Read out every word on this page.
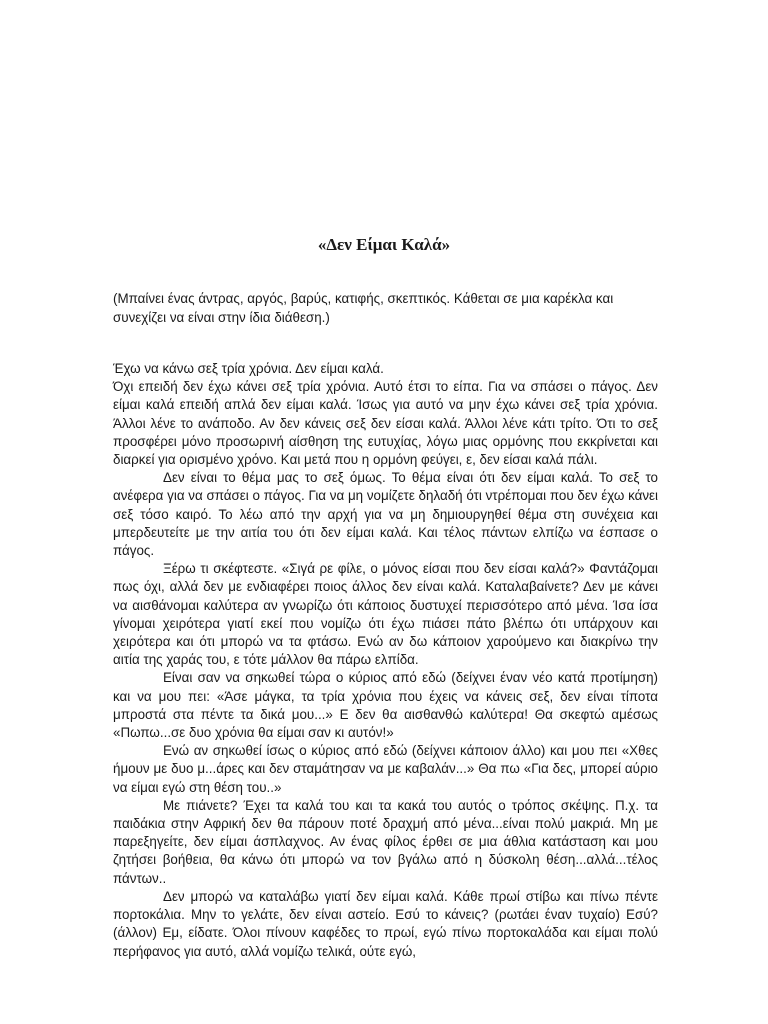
«Δεν Είμαι Καλά»
(Μπαίνει ένας άντρας, αργός, βαρύς, κατιφής, σκεπτικός. Κάθεται σε μια καρέκλα και συνεχίζει να είναι στην ίδια διάθεση.)

Έχω να κάνω σεξ τρία χρόνια. Δεν είμαι καλά.

Όχι επειδή δεν έχω κάνει σεξ τρία χρόνια. Αυτό έτσι το είπα. Για να σπάσει ο πάγος. Δεν είμαι καλά επειδή απλά δεν είμαι καλά. Ίσως για αυτό να μην έχω κάνει σεξ τρία χρόνια. Άλλοι λένε το ανάποδο. Αν δεν κάνεις σεξ δεν είσαι καλά. Άλλοι λένε κάτι τρίτο. Ότι το σεξ προσφέρει μόνο προσωρινή αίσθηση της ευτυχίας, λόγω μιας ορμόνης που εκκρίνεται και διαρκεί για ορισμένο χρόνο. Και μετά που η ορμόνη φεύγει, ε, δεν είσαι καλά πάλι.

Δεν είναι το θέμα μας το σεξ όμως. Το θέμα είναι ότι δεν είμαι καλά. Το σεξ το ανέφερα για να σπάσει ο πάγος. Για να μη νομίζετε δηλαδή ότι ντρέπομαι που δεν έχω κάνει σεξ τόσο καιρό. Το λέω από την αρχή για να μη δημιουργηθεί θέμα στη συνέχεια και μπερδευτείτε με την αιτία του ότι δεν είμαι καλά. Και τέλος πάντων ελπίζω να έσπασε ο πάγος.

Ξέρω τι σκέφτεστε. «Σιγά ρε φίλε, ο μόνος είσαι που δεν είσαι καλά?» Φαντάζομαι πως όχι, αλλά δεν με ενδιαφέρει ποιος άλλος δεν είναι καλά. Καταλαβαίνετε? Δεν με κάνει να αισθάνομαι καλύτερα αν γνωρίζω ότι κάποιος δυστυχεί περισσότερο από μένα. Ίσα ίσα γίνομαι χειρότερα γιατί εκεί που νομίζω ότι έχω πιάσει πάτο βλέπω ότι υπάρχουν και χειρότερα και ότι μπορώ να τα φτάσω. Ενώ αν δω κάποιον χαρούμενο και διακρίνω την αιτία της χαράς του, ε τότε μάλλον θα πάρω ελπίδα.

Είναι σαν να σηκωθεί τώρα ο κύριος από εδώ (δείχνει έναν νέο κατά προτίμηση) και να μου πει: «Άσε μάγκα, τα τρία χρόνια που έχεις να κάνεις σεξ, δεν είναι τίποτα μπροστά στα πέντε τα δικά μου...» Ε δεν θα αισθανθώ καλύτερα! Θα σκεφτώ αμέσως «Πωπω...σε δυο χρόνια θα είμαι σαν κι αυτόν!»

Ενώ αν σηκωθεί ίσως ο κύριος από εδώ (δείχνει κάποιον άλλο) και μου πει «Χθες ήμουν με δυο μ...άρες και δεν σταμάτησαν να με καβαλάν...» Θα πω «Για δες, μπορεί αύριο να είμαι εγώ στη θέση του..»

Με πιάνετε? Έχει τα καλά του και τα κακά του αυτός ο τρόπος σκέψης. Π.χ. τα παιδάκια στην Αφρική δεν θα πάρουν ποτέ δραχμή από μένα...είναι πολύ μακριά. Μη με παρεξηγείτε, δεν είμαι άσπλαχνος. Αν ένας φίλος έρθει σε μια άθλια κατάσταση και μου ζητήσει βοήθεια, θα κάνω ότι μπορώ να τον βγάλω από η δύσκολη θέση...αλλά...τέλος πάντων..

Δεν μπορώ να καταλάβω γιατί δεν είμαι καλά. Κάθε πρωί στίβω και πίνω πέντε πορτοκάλια. Μην το γελάτε, δεν είναι αστείο. Εσύ το κάνεις? (ρωτάει έναν τυχαίο) Εσύ? (άλλον) Εμ, είδατε. Όλοι πίνουν καφέδες το πρωί, εγώ πίνω πορτοκαλάδα και είμαι πολύ περήφανος για αυτό, αλλά νομίζω τελικά, ούτε εγώ,
